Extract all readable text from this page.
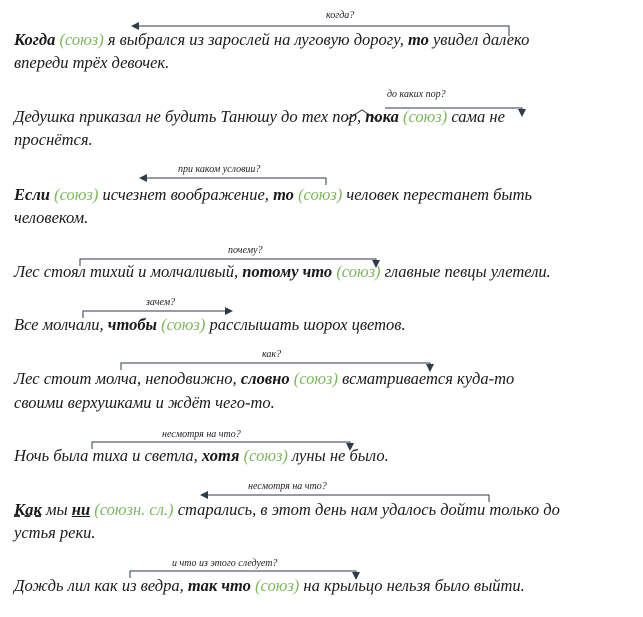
когда?
до каких пор?
при каком условии?
почему?
зачем?
как?
несмотря на что?
несмотря на что?
и что из этого следует?
Когда (союз) я выбрался из зарослей на луговую дорогу, то увидел далеко
впереди трёх девочек.
Дедушка приказал не будить Танюшу до тех пор, пока (союз) сама не
проснётся.
Если (союз) исчезнет воображение, то (союз) человек перестанет быть
человеком.
Лес стоял тихий и молчаливый, потому что (союз) главные певцы улетели.
Все молчали, чтобы (союз) расслышать шорох цветов.
Лес стоит молча, неподвижно, словно (союз) всматривается куда-то
своими верхушками и ждёт чего-то.
Ночь была тиха и светла, хотя (союз) луны не было.
Как мы ни (союзн. сл.) старались, в этот день нам удалось дойти только до
устья реки.
Дождь лил как из ведра, так что (союз) на крыльцо нельзя было выйти.
